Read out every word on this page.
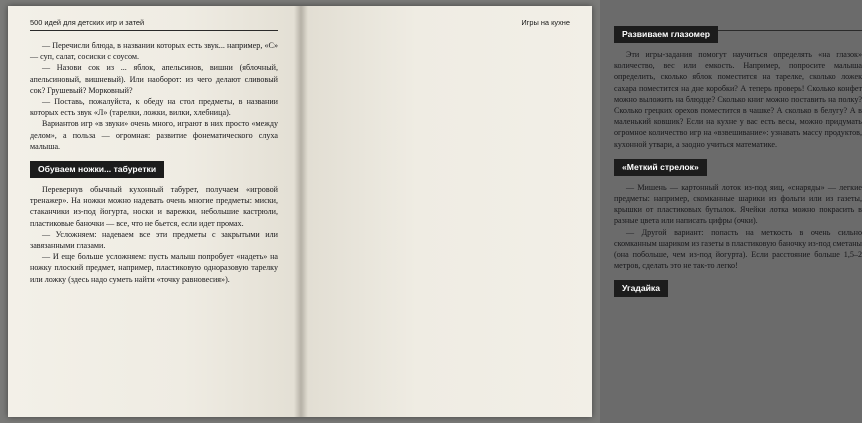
500 идей для детских игр и затей

— Перечисли блюда, в названии которых есть звук... например, «С» — суп, салат, сосиски с соусом.

— Назови сок из ... яблок, апельсинов, вишни (яблочный, апельсиновый, вишневый). Или наоборот: из чего делают сливовый сок? Грушевый? Морковный?

— Поставь, пожалуйста, к обеду на стол предметы, в названии которых есть звук «Л» (тарелки, ложки, вилки, хлебница).

Вариантов игр «в звуки» очень много, играют в них просто «между делом», а польза — огромная: развитие фонематического слуха малыша.

Обуваем ножки... табуретки

Перевернув обычный кухонный табурет, получаем «игровой тренажер». На ножки можно надевать очень многие предметы: миски, стаканчики из-под йогурта, носки и варежки, небольшие кастрюли, пластиковые баночки — все, что не бьется, если идет промах.

— Усложняем: надеваем все эти предметы с закрытыми или завязанными глазами.

— И еще больше усложняем: пусть малыш попробует «надеть» на ножку плоский предмет, например, пластиковую одноразовую тарелку или ложку (здесь надо суметь найти «точку равновесия»).

Игры на кухне
Развиваем глазомер

Эти игры-задания помогут научиться определять «на глазок» количество, вес или емкость. Например, попросите малыша определить, сколько яблок поместится на тарелке, сколько ложек сахара поместится на дне коробки? А теперь проверь! Сколько конфет можно выложить на блюдце? Сколько книг можно поставить на полку? Сколько грецких орехов поместится в чашке? А сколько в белугу? А в маленький ковшик? Если на кухне у вас есть весы, можно придумать огромное количество игр на «взвешивание»: узнавать массу продуктов, кухонной утвари, а заодно учиться математике.

«Меткий стрелок»

— Мишень — картонный лоток из-под яиц, «снаряды» — легкие предметы: например, скомканные шарики из фольги или из газеты, крышки от пластиковых бутылок. Ячейки лотка можно покрасить в разные цвета или написать цифры (очки).

— Другой вариант: попасть на меткость в очень сильно скомканным шариком из газеты в пластиковую баночку из-под сметаны (она побольше, чем из-под йогурта). Если расстояние больше 1,5–2 метров, сделать это не так-то легко!

Угадайка
